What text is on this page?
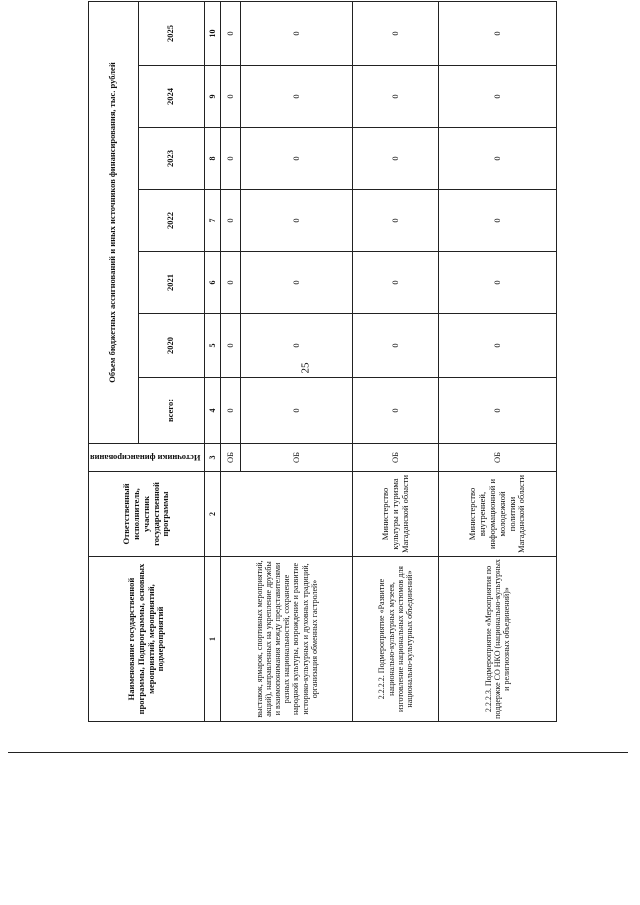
25
Наименование государственной программы, Подпрограммы, основных мероприятий, мероприятий, подмероприятий	Ответственный исполнитель, участник государственной программы	Источники финансирования	Объем бюджетных ассигнований и иных источников финансирования, тыс. рублей						
			всего:	2020	2021	2022	2023	2024	2025
1	2	3	4	5	6	7	8	9	10
выставок, ярмарок, спортивных мероприятий, акций), направленных на укрепление дружбы и взаимопонимания между представителями разных национальностей, сохранение народной культуры, возрождение и развитие историко-культурных и духовных традиций, организация обменных гастролей»		ОБ	0	0	0	0	0	0	0
		ОБ	0	0	0	0	0	0	0
2.2.2.2. Подмероприятие «Развитие национально-культурных музеев, изготовление национальных костюмов для национально-культурных объединений»	Министерство культуры и туризма Магаданской области	ОБ	0	0	0	0	0	0	0
2.2.2.3. Подмероприятие «Мероприятия по поддержке СО НКО (национально-культурных и религиозных объединений)»	Министерство внутренней, информационной и молодежной политики Магаданской области	ОБ	0	0	0	0	0	0	0
